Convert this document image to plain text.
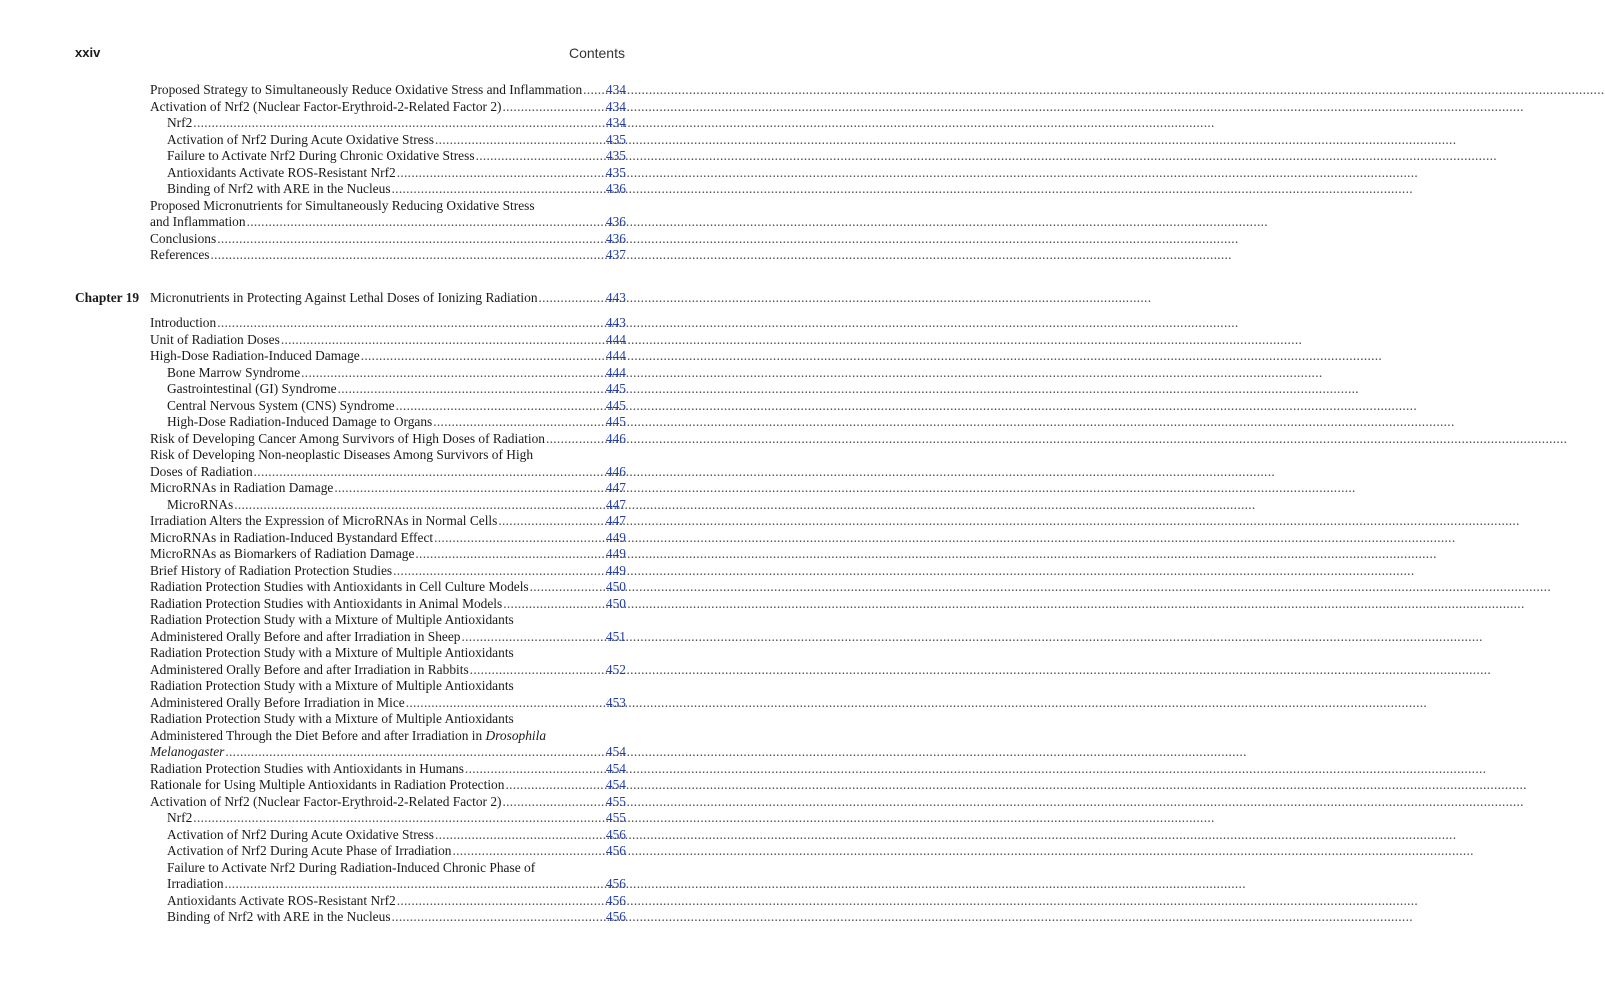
xxiv	Contents
Proposed Strategy to Simultaneously Reduce Oxidative Stress and Inflammation ..... 434
Activation of Nrf2 (Nuclear Factor-Erythroid-2-Related Factor 2) .....	434
Nrf2 .....	434
Activation of Nrf2 During Acute Oxidative Stress .....	435
Failure to Activate Nrf2 During Chronic Oxidative Stress .....	435
Antioxidants Activate ROS-Resistant Nrf2 .....	435
Binding of Nrf2 with ARE in the Nucleus .....	436
Proposed Micronutrients for Simultaneously Reducing Oxidative Stress
and Inflammation .....	436
Conclusions .....	436
References .....	437
Chapter 19 Micronutrients in Protecting Against Lethal Doses of Ionizing Radiation .....	443
Introduction .....	443
Unit of Radiation Doses .....	444
High-Dose Radiation-Induced Damage .....	444
Bone Marrow Syndrome .....	444
Gastrointestinal (GI) Syndrome .....	445
Central Nervous System (CNS) Syndrome .....	445
High-Dose Radiation-Induced Damage to Organs .....	445
Risk of Developing Cancer Among Survivors of High Doses of Radiation .....	446
Risk of Developing Non-neoplastic Diseases Among Survivors of High
Doses of Radiation .....	446
MicroRNAs in Radiation Damage .....	447
MicroRNAs .....	447
Irradiation Alters the Expression of MicroRNAs in Normal Cells .....	447
MicroRNAs in Radiation-Induced Bystandard Effect .....	449
MicroRNAs as Biomarkers of Radiation Damage .....	449
Brief History of Radiation Protection Studies .....	449
Radiation Protection Studies with Antioxidants in Cell Culture Models .....	450
Radiation Protection Studies with Antioxidants in Animal Models .....	450
Radiation Protection Study with a Mixture of Multiple Antioxidants
Administered Orally Before and after Irradiation in Sheep .....	451
Radiation Protection Study with a Mixture of Multiple Antioxidants
Administered Orally Before and after Irradiation in Rabbits .....	452
Radiation Protection Study with a Mixture of Multiple Antioxidants
Administered Orally Before Irradiation in Mice .....	453
Radiation Protection Study with a Mixture of Multiple Antioxidants
Administered Through the Diet Before and after Irradiation in Drosophila
Melanogaster .....	454
Radiation Protection Studies with Antioxidants in Humans .....	454
Rationale for Using Multiple Antioxidants in Radiation Protection .....	454
Activation of Nrf2 (Nuclear Factor-Erythroid-2-Related Factor 2) .....	455
Nrf2 .....	455
Activation of Nrf2 During Acute Oxidative Stress .....	456
Activation of Nrf2 During Acute Phase of Irradiation .....	456
Failure to Activate Nrf2 During Radiation-Induced Chronic Phase of
Irradiation .....	456
Antioxidants Activate ROS-Resistant Nrf2 .....	456
Binding of Nrf2 with ARE in the Nucleus .....	456
